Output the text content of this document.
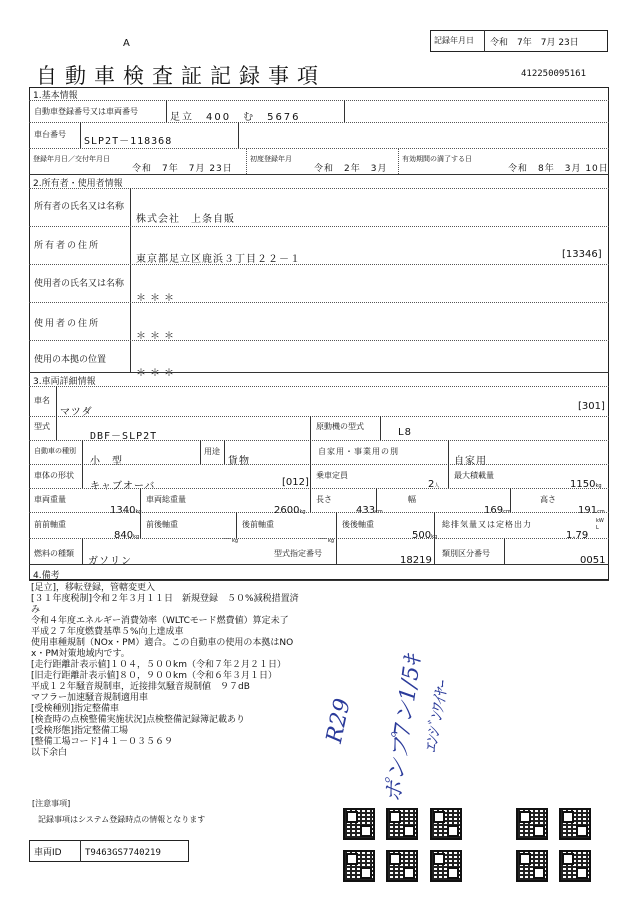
A
自動車検査証記録事項
記録年月日 令和　7年　7月 23日
412250095161
1.基本情報
自動車登録番号又は車両番号
足立　400　む　5676
車台番号
SLP2T－118368
登録年月日／交付年月日
令和　7年　7月 23日
初度登録年月
令和　2年　3月
有効期間の満了する日
令和　8年　3月 10日
2.所有者・使用者情報
所有者の氏名又は名称
株式会社　上条自販
所有者の住所
東京都足立区鹿浜３丁目２２－１	[13346]
使用者の氏名又は名称
＊＊＊
使用者の住所
＊＊＊
使用の本拠の位置
＊＊＊
3.車両詳細情報
車名
マツダ
[301]
型式
DBF－SLP2T
原動機の型式
L8
自動車の種別
小　型
用途
貨物
自家用・事業用の別
自家用
車体の形状
キャブオーバ	[012]
乗車定員
2人
最大積載量
1150kg
車両重量
1340kg
車両総重量
2600kg
長さ
433cm
幅
169cm
高さ
191cm
前前軸重
840kg
前後軸重
－kg
後前軸重
－kg
後後軸重
500kg
総排気量又は定格出力	kW
L
1.79
燃料の種類
ガソリン
型式指定番号
18219
類別区分番号
0051
4.備考
[足立]，移転登録，管轄変更入
[３１年度税制]令和２年３月１１日　新規登録　５０%減税措置済
み
令和４年度エネルギー消費効率（WLTCモード燃費値）算定未了
平成２７年度燃費基準５%向上達成車
使用車種規制（NOx・PM）適合。この自動車の使用の本拠はNO
x・PM対策地域内です。
[走行距離計表示値]１０４，５００km（令和７年２月２１日）
[旧走行距離計表示値]８０，９００km（令和６年３月１日）
平成１２年騒音規制車，近接排気騒音規制値　９７dB
マフラー加速騒音規制適用車
[受検種別]指定整備車
[検査時の点検整備実施状況]点検整備記録簿記載あり
[受検形態]指定整備工場
[整備工場コード]４１－０３５６９
以下余白
R29 ポンプ7ン1/5ｷ
ｴﾝｼﾞﾝﾜｲﾔｰ
[注意事項]
記録事項はシステム登録時点の情報となります
車両ID	T9463GS7740219
